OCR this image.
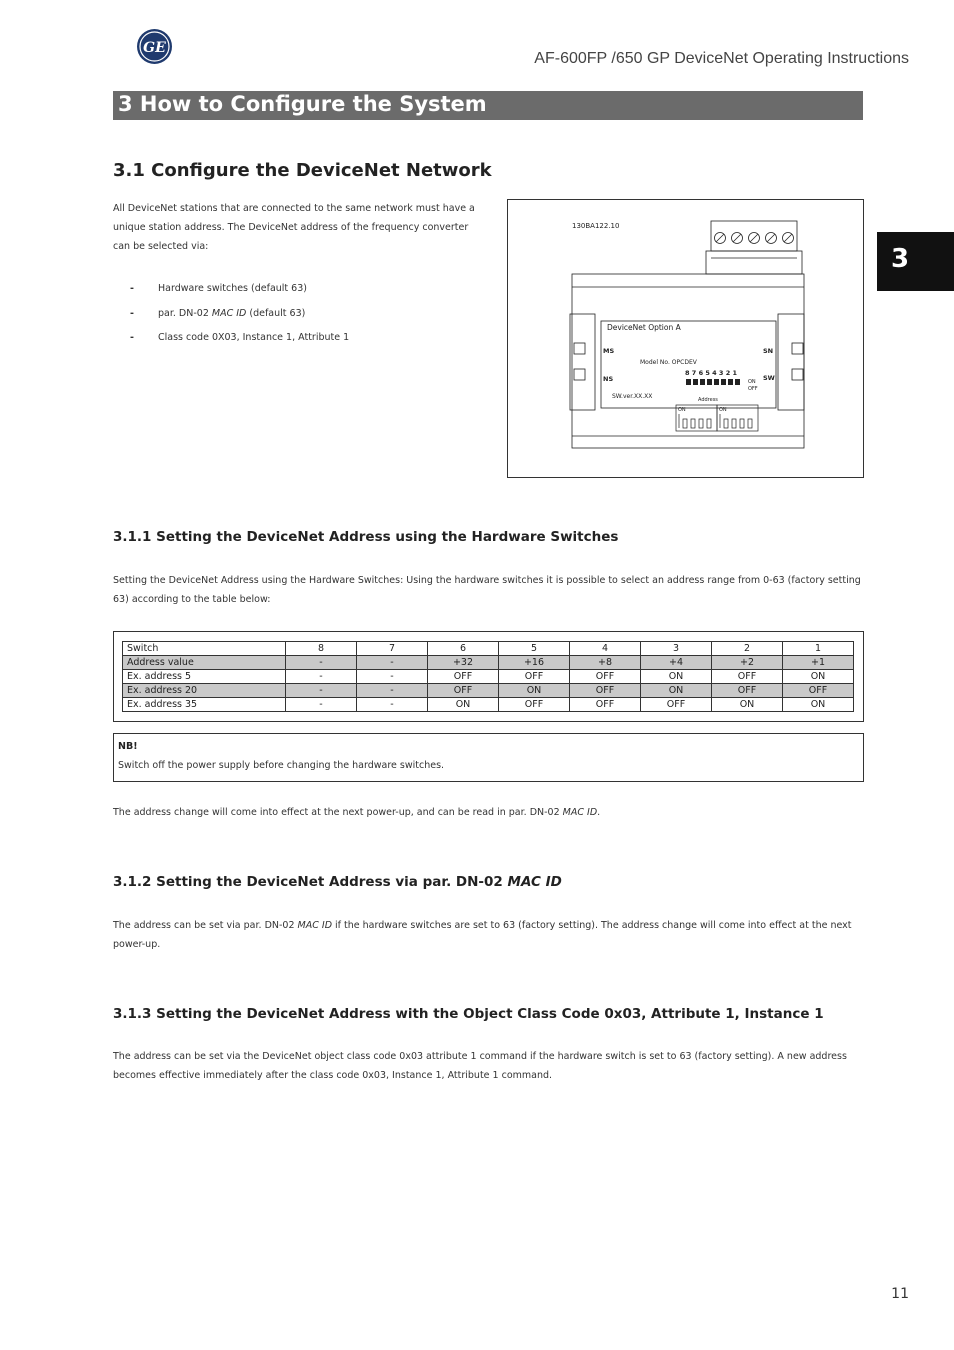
GE
AF-600FP /650 GP DeviceNet Operating Instructions
3 How to Configure the System
3
3.1 Configure the DeviceNet Network
All DeviceNet stations that are connected to the same network must have a unique station address. The DeviceNet address of the frequency converter can be selected via:
-	Hardware switches (default 63)
-	par. DN-02 MAC ID (default 63)
-	Class code 0X03, Instance 1, Attribute 1
130BA122.10
DeviceNet Option A
MS
NS
SN
SW
Model No. OPCDEV
8 7 6 5 4 3 2 1
ON
OFF
Address
SW.ver.XX.XX
ON	ON
3.1.1 Setting the DeviceNet Address using the Hardware Switches
Setting the DeviceNet Address using the Hardware Switches: Using the hardware switches it is possible to select an address range from 0-63 (factory setting 63) according to the table below:
Switch	8	7	6	5	4	3	2	1
Address value	-	-	+32	+16	+8	+4	+2	+1
Ex. address 5	-	-	OFF	OFF	OFF	ON	OFF	ON
Ex. address 20	-	-	OFF	ON	OFF	ON	OFF	OFF
Ex. address 35	-	-	ON	OFF	OFF	OFF	ON	ON
NB!
Switch off the power supply before changing the hardware switches.
The address change will come into effect at the next power-up, and can be read in par. DN-02 MAC ID.
3.1.2 Setting the DeviceNet Address via par. DN-02 MAC ID
The address can be set via par. DN-02 MAC ID if the hardware switches are set to 63 (factory setting). The address change will come into effect at the next power-up.
3.1.3 Setting the DeviceNet Address with the Object Class Code 0x03, Attribute 1, Instance 1
The address can be set via the DeviceNet object class code 0x03 attribute 1 command if the hardware switch is set to 63 (factory setting). A new address becomes effective immediately after the class code 0x03, Instance 1, Attribute 1 command.
11
